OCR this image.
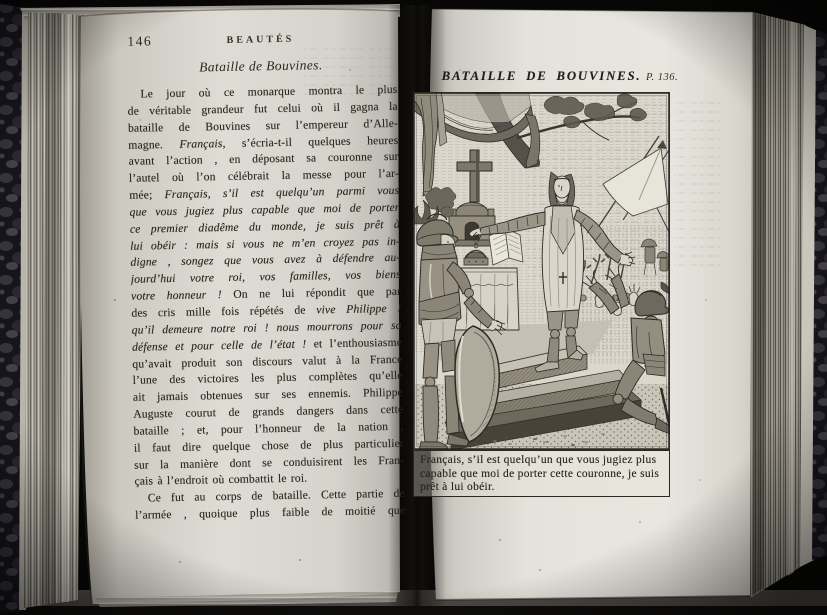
146	BEAUTÉS
Bataille de Bouvines.
Le jour où ce monarque montra le plus
de véritable grandeur fut celui où il gagna la
bataille de Bouvines sur l’empereur d’Alle-
magne. Français, s’écria-t-il quelques heures
avant l’action , en déposant sa couronne sur
l’autel où l’on célébrait la messe pour l’ar-
mée; Français, s’il est quelqu’un parmi vous
que vous jugiez plus capable que moi de porter
ce premier diadême du monde, je suis prêt à
lui obéir : mais si vous ne m’en croyez pas in-
digne , songez que vous avez à défendre au-
jourd’hui votre roi, vos familles, vos biens
votre honneur ! On ne lui répondit que par
des cris mille fois répétés de vive Philippe !
qu’il demeure notre roi ! nous mourrons pour sa
défense et pour celle de l’état ! et l’enthousiasme
qu’avait produit son discours valut à la France
l’une des victoires les plus complètes qu’elle
ait jamais obtenues sur ses ennemis. Philippe
Auguste courut de grands dangers dans cette
bataille ; et, pour l’honneur de la nation ,
il faut dire quelque chose de plus particulier
sur la manière dont se conduisirent les Fran-
çais à l’endroit où combattit le roi.
Ce fut au corps de bataille. Cette partie de
l’armée , quoique plus faible de moitié que
BATAILLE DE BOUVINES. P. 136.
Français, s’il est quelqu’un que vous jugiez plus
capable que moi de porter cette couronne, je suis
prêt à lui obéir.
